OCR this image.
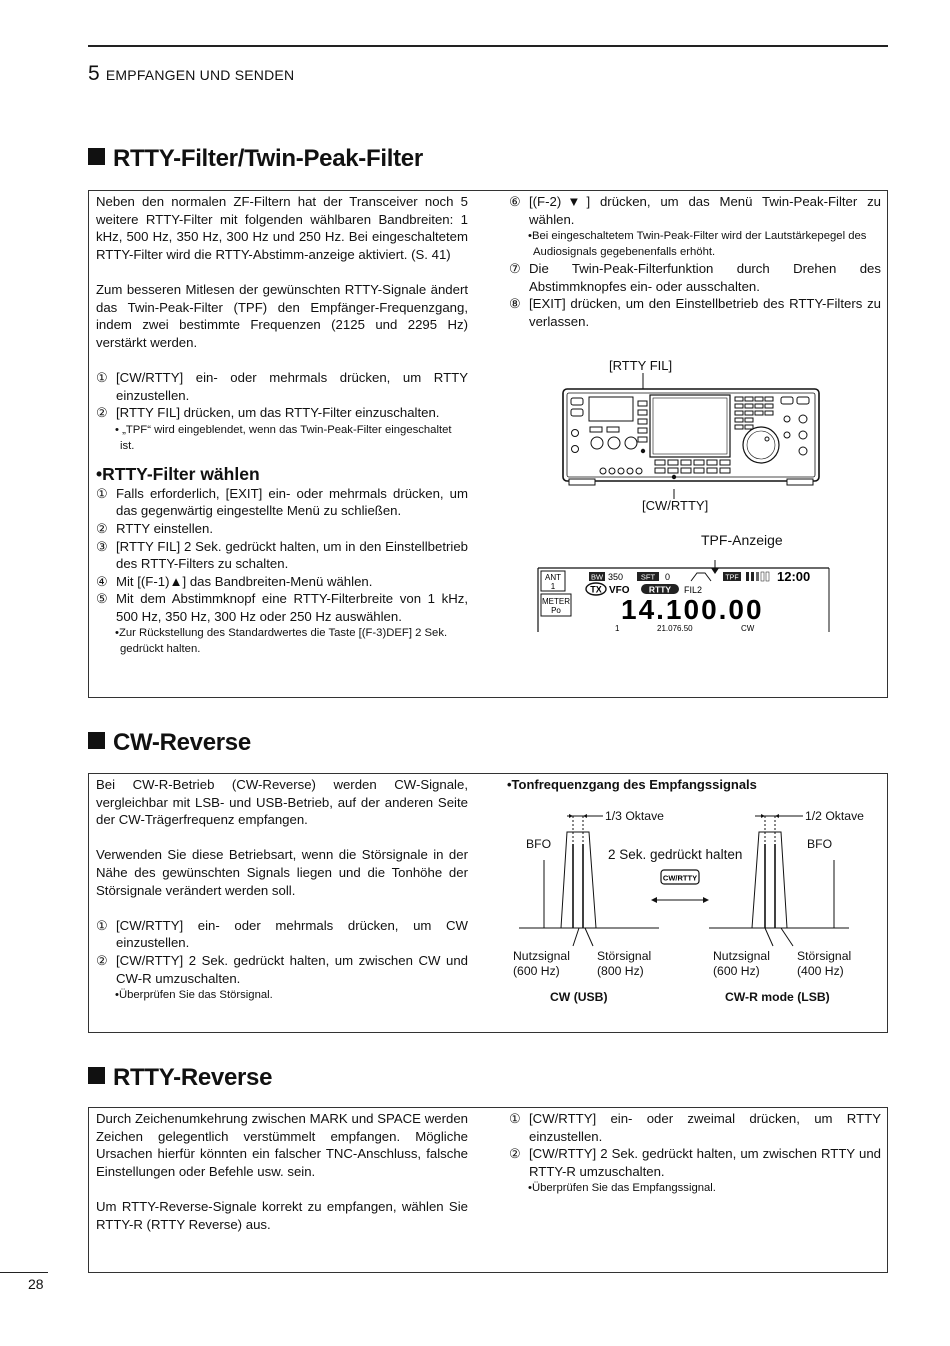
5 EMPFANGEN UND SENDEN
RTTY-Filter/Twin-Peak-Filter

Neben den normalen ZF-Filtern hat der Transceiver noch 5 weitere RTTY-Filter mit folgenden wählbaren Bandbreiten: 1 kHz, 500 Hz, 350 Hz, 300 Hz und 250 Hz. Bei eingeschaltetem RTTY-Filter wird die RTTY-Abstimm-anzeige aktiviert. (S. 41)

Zum besseren Mitlesen der gewünschten RTTY-Signale ändert das Twin-Peak-Filter (TPF) den Empfänger-Frequenzgang, indem zwei bestimmte Frequenzen (2125 und 2295 Hz) verstärkt werden.

① [CW/RTTY] ein- oder mehrmals drücken, um RTTY einzustellen.
② [RTTY FIL] drücken, um das RTTY-Filter einzuschalten.

• „TPF“ wird eingeblendet, wenn das Twin-Peak-Filter eingeschaltet ist.

•RTTY-Filter wählen

① Falls erforderlich, [EXIT] ein- oder mehrmals drücken, um das gegenwärtig eingestellte Menü zu schließen.
② RTTY einstellen.
③ [RTTY FIL] 2 Sek. gedrückt halten, um in den Einstellbetrieb des RTTY-Filters zu schalten.
④ Mit [(F-1)▲] das Bandbreiten-Menü wählen.
⑤ Mit dem Abstimmknopf eine RTTY-Filterbreite von 1 kHz, 500 Hz, 350 Hz, 300 Hz oder 250 Hz auswählen.

•Zur Rückstellung des Standardwertes die Taste [(F-3)DEF] 2 Sek. gedrückt halten.

⑥ [(F-2)▼] drücken, um das Menü Twin-Peak-Filter zu wählen.

•Bei eingeschaltetem Twin-Peak-Filter wird der Lautstärkepegel des Audiosignals gegebenenfalls erhöht.

⑦ Die Twin-Peak-Filterfunktion durch Drehen des Abstimmknopfes ein- oder ausschalten.
⑧ [EXIT] drücken, um den Einstellbetrieb des RTTY-Filters zu verlassen.
[RTTY FIL]
[CW/RTTY]
TPF-Anzeige
ANT
1
METER
Po
BW 350 SFT 0	TPF	12:00
TX VFO RTTY FIL2
14.100.00
1	21.076.50	CW
CW-Reverse

Bei CW-R-Betrieb (CW-Reverse) werden CW-Signale, vergleichbar mit LSB- und USB-Betrieb, auf der anderen Seite der CW-Trägerfrequenz empfangen.

Verwenden Sie diese Betriebsart, wenn die Störsignale in der Nähe des gewünschten Signals liegen und die Tonhöhe der Störsignale verändert werden soll.

① [CW/RTTY] ein- oder mehrmals drücken, um CW einzustellen.
② [CW/RTTY] 2 Sek. gedrückt halten, um zwischen CW und CW-R umzuschalten.

•Überprüfen Sie das Störsignal.

•Tonfrequenzgang des Empfangssignals
1/3 Oktave	1/2 Oktave
BFO	BFO
2 Sek. gedrückt halten
Nutzsignal
(600 Hz)
Störsignal
(800 Hz)
Nutzsignal
(600 Hz)
Störsignal
(400 Hz)
CW (USB)	CW-R mode (LSB)
CW/RTTY
RTTY-Reverse

Durch Zeichenumkehrung zwischen MARK und SPACE werden Zeichen gelegentlich verstümmelt empfangen. Mögliche Ursachen hierfür könnten ein falscher TNC-Anschluss, falsche Einstellungen oder Befehle usw. sein.

Um RTTY-Reverse-Signale korrekt zu empfangen, wählen Sie RTTY-R (RTTY Reverse) aus.

① [CW/RTTY] ein- oder zweimal drücken, um RTTY einzustellen.
② [CW/RTTY] 2 Sek. gedrückt halten, um zwischen RTTY und RTTY-R umzuschalten.

•Überprüfen Sie das Empfangssignal.

28
